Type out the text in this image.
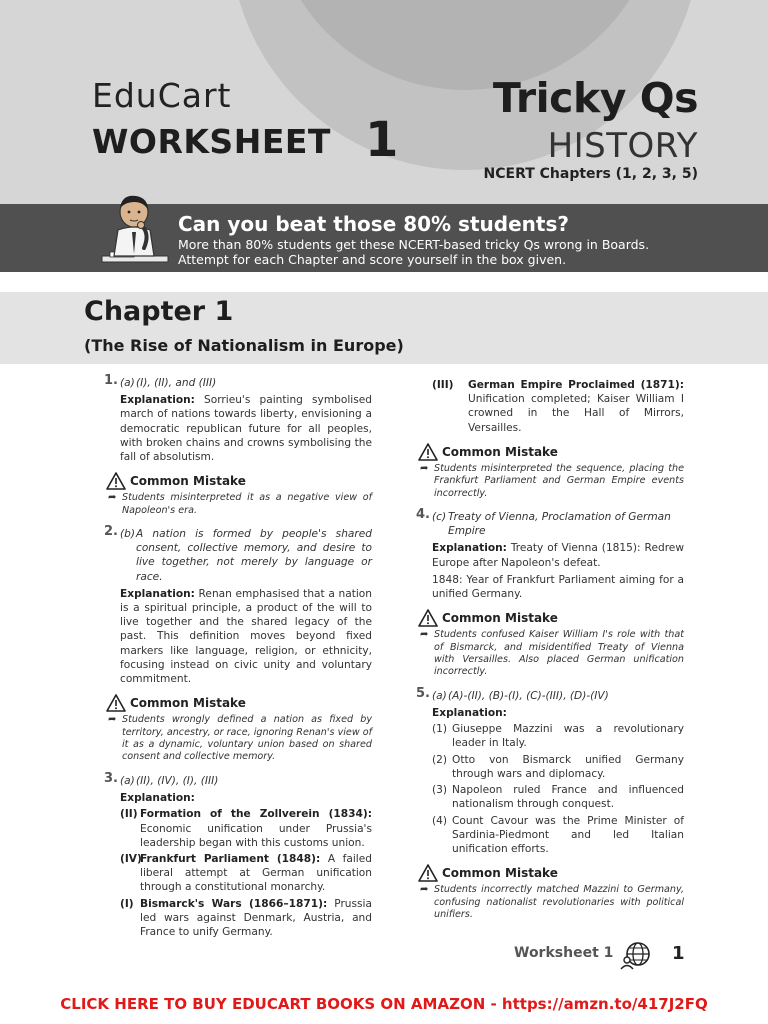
EduCart
WORKSHEET 1
Tricky Qs
HISTORY
NCERT Chapters (1, 2, 3, 5)
Can you beat those 80% students?
More than 80% students get these NCERT-based tricky Qs wrong in Boards.
Attempt for each Chapter and score yourself in the box given.
Chapter 1
(The Rise of Nationalism in Europe)
1. (a) (I), (II), and (III)
Explanation: Sorrieu's painting symbolised march of nations towards liberty, envisioning a democratic republican future for all peoples, with broken chains and crowns symbolising the fall of absolutism.
Common Mistake
➦ Students misinterpreted it as a negative view of Napoleon's era.
2. (b) A nation is formed by people's shared consent, collective memory, and desire to live together, not merely by language or race.
Explanation: Renan emphasised that a nation is a spiritual principle, a product of the will to live together and the shared legacy of the past. This definition moves beyond fixed markers like language, religion, or ethnicity, focusing instead on civic unity and voluntary commitment.
Common Mistake
➦ Students wrongly defined a nation as fixed by territory, ancestry, or race, ignoring Renan's view of it as a dynamic, voluntary union based on shared consent and collective memory.
3. (a) (II), (IV), (I), (III)
Explanation:
(II) Formation of the Zollverein (1834): Economic unification under Prussia's leadership began with this customs union.
(IV)
Frankfurt Parliament (1848): A failed liberal attempt at German unification through a constitutional monarchy.
(I) Bismarck's Wars (1866–1871): Prussia led wars against Denmark, Austria, and France to unify Germany.
(III)	German Empire Proclaimed (1871): Unification completed; Kaiser William I crowned in the Hall of Mirrors, Versailles.
Common Mistake
➦ Students misinterpreted the sequence, placing the Frankfurt Parliament and German Empire events incorrectly.
4. (c) Treaty of Vienna, Proclamation of German Empire
Explanation: Treaty of Vienna (1815): Redrew Europe after Napoleon's defeat.
1848: Year of Frankfurt Parliament aiming for a unified Germany.
Common Mistake
➦ Students confused Kaiser William I's role with that of Bismarck, and misidentified Treaty of Vienna with Versailles. Also placed German unification incorrectly.
5. (a) (A)-(II), (B)-(I), (C)-(III), (D)-(IV)
Explanation:
(1) Giuseppe Mazzini was a revolutionary leader in Italy.
(2) Otto von Bismarck unified Germany through wars and diplomacy.
(3) Napoleon ruled France and influenced nationalism through conquest.
(4) Count Cavour was the Prime Minister of Sardinia-Piedmont and led Italian unification efforts.
Common Mistake
➦ Students incorrectly matched Mazzini to Germany, confusing nationalist revolutionaries with political unifiers.
Worksheet 1	1
CLICK HERE TO BUY EDUCART BOOKS ON AMAZON - https://amzn.to/417J2FQ
